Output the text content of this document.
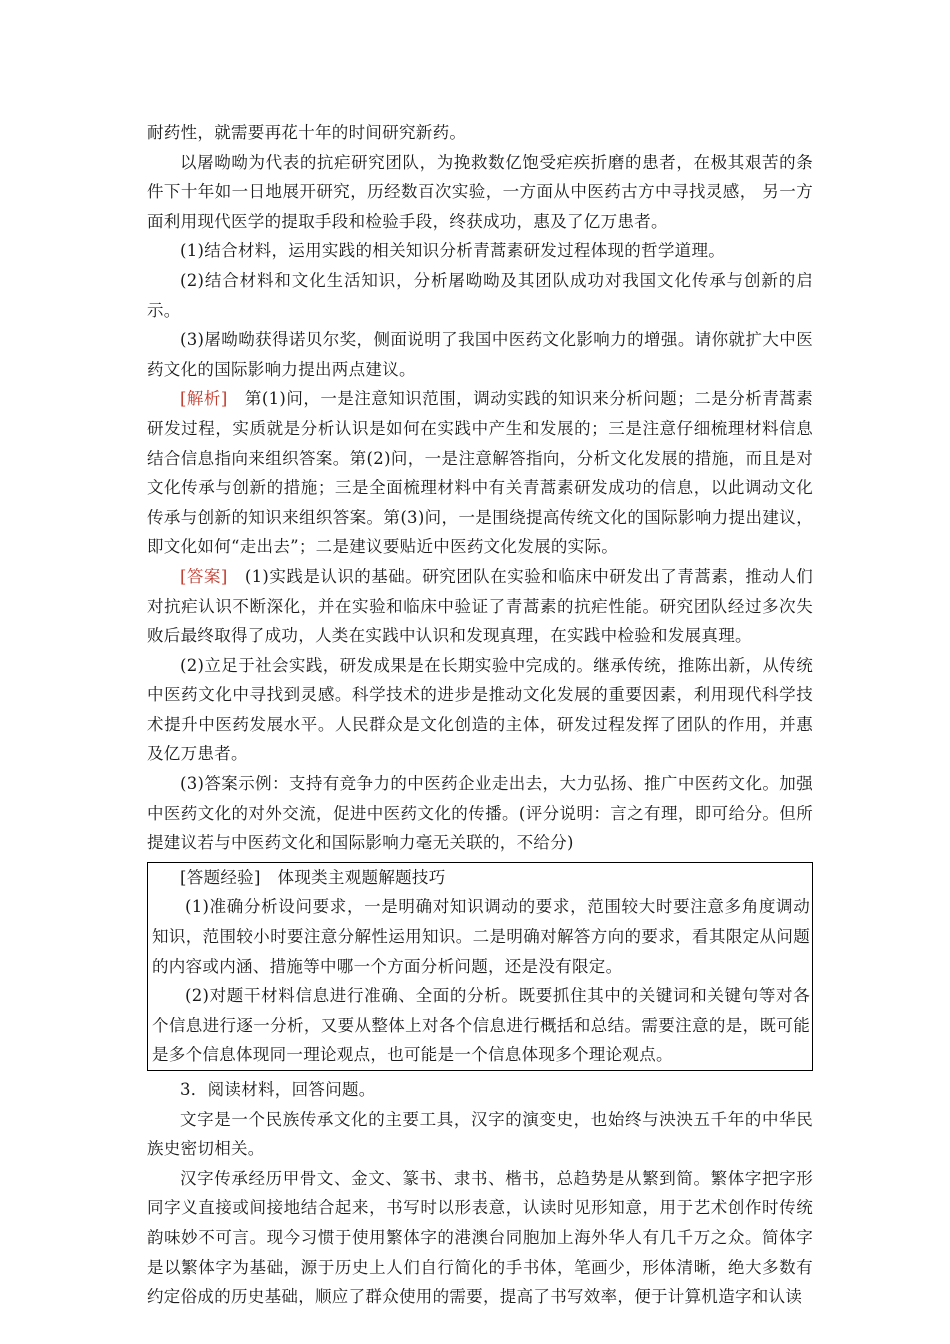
耐药性，就需要再花十年的时间研究新药。

以屠呦呦为代表的抗疟研究团队，为挽救数亿饱受疟疾折磨的患者，在极其艰苦的条件下十年如一日地展开研究，历经数百次实验，一方面从中医药古方中寻找灵感， 另一方面利用现代医学的提取手段和检验手段，终获成功，惠及了亿万患者。

(1)结合材料，运用实践的相关知识分析青蒿素研发过程体现的哲学道理。

(2)结合材料和文化生活知识，分析屠呦呦及其团队成功对我国文化传承与创新的启示。

(3)屠呦呦获得诺贝尔奖，侧面说明了我国中医药文化影响力的增强。请你就扩大中医药文化的国际影响力提出两点建议。

[解析]　第(1)问，一是注意知识范围，调动实践的知识来分析问题；二是分析青蒿素研发过程，实质就是分析认识是如何在实践中产生和发展的；三是注意仔细梳理材料信息结合信息指向来组织答案。第(2)问，一是注意解答指向，分析文化发展的措施，而且是对文化传承与创新的措施；三是全面梳理材料中有关青蒿素研发成功的信息，以此调动文化传承与创新的知识来组织答案。第(3)问，一是围绕提高传统文化的国际影响力提出建议，即文化如何“走出去”；二是建议要贴近中医药文化发展的实际。

[答案]　(1)实践是认识的基础。研究团队在实验和临床中研发出了青蒿素，推动人们对抗疟认识不断深化，并在实验和临床中验证了青蒿素的抗疟性能。研究团队经过多次失败后最终取得了成功，人类在实践中认识和发现真理，在实践中检验和发展真理。

(2)立足于社会实践，研发成果是在长期实验中完成的。继承传统，推陈出新，从传统中医药文化中寻找到灵感。科学技术的进步是推动文化发展的重要因素，利用现代科学技术提升中医药发展水平。人民群众是文化创造的主体，研发过程发挥了团队的作用，并惠及亿万患者。

(3)答案示例：支持有竞争力的中医药企业走出去，大力弘扬、推广中医药文化。加强中医药文化的对外交流，促进中医药文化的传播。(评分说明：言之有理，即可给分。但所提建议若与中医药文化和国际影响力毫无关联的，不给分)

[答题经验]　体现类主观题解题技巧

(1)准确分析设问要求，一是明确对知识调动的要求，范围较大时要注意多角度调动知识，范围较小时要注意分解性运用知识。二是明确对解答方向的要求，看其限定从问题的内容或内涵、措施等中哪一个方面分析问题，还是没有限定。

(2)对题干材料信息进行准确、全面的分析。既要抓住其中的关键词和关键句等对各个信息进行逐一分析，又要从整体上对各个信息进行概括和总结。需要注意的是，既可能是多个信息体现同一理论观点，也可能是一个信息体现多个理论观点。

3．阅读材料，回答问题。

文字是一个民族传承文化的主要工具，汉字的演变史，也始终与泱泱五千年的中华民族史密切相关。

汉字传承经历甲骨文、金文、篆书、隶书、楷书，总趋势是从繁到简。繁体字把字形同字义直接或间接地结合起来，书写时以形表意，认读时见形知意，用于艺术创作时传统韵味妙不可言。现今习惯于使用繁体字的港澳台同胞加上海外华人有几千万之众。简体字是以繁体字为基础，源于历史上人们自行简化的手书体，笔画少，形体清晰，绝大多数有约定俗成的历史基础，顺应了群众使用的需要，提高了书写效率，便于计算机造字和认读
